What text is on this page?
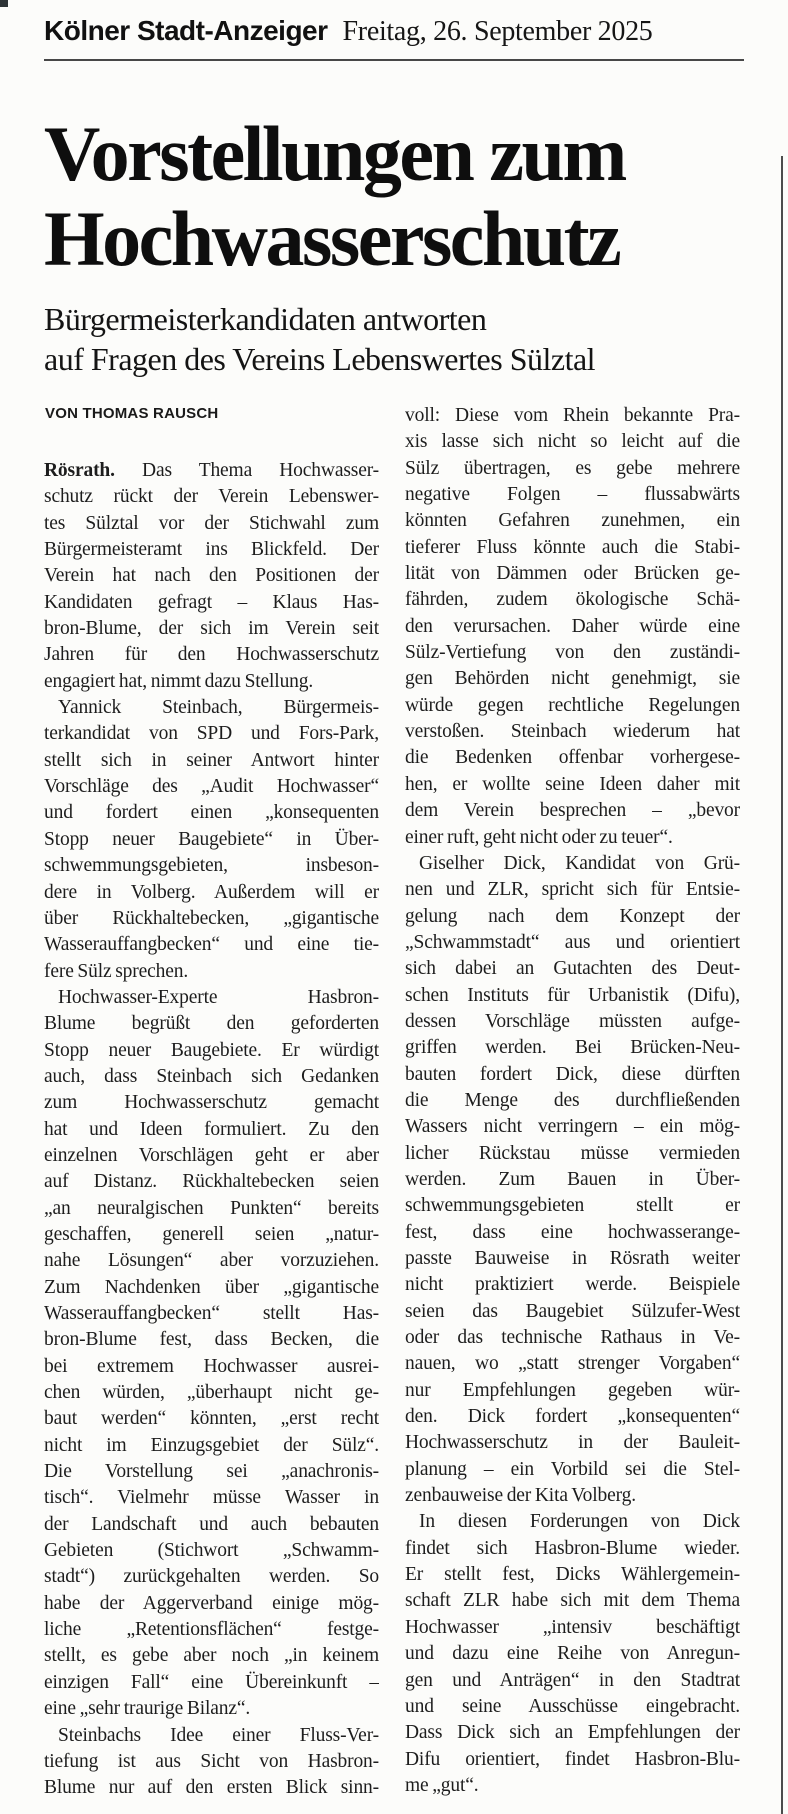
Kölner Stadt-Anzeiger Freitag, 26. September 2025
Vorstellungen zum
Hochwasserschutz
Bürgermeisterkandidaten antworten
auf Fragen des Vereins Lebenswertes Sülztal
VON THOMAS RAUSCH
Rösrath. Das Thema Hochwasser-
schutz rückt der Verein Lebenswer-
tes Sülztal vor der Stichwahl zum
Bürgermeisteramt ins Blickfeld. Der
Verein hat nach den Positionen der
Kandidaten gefragt – Klaus Has-
bron-Blume, der sich im Verein seit
Jahren für den Hochwasserschutz
engagiert hat, nimmt dazu Stellung.
Yannick Steinbach, Bürgermeis-
terkandidat von SPD und Fors-Park,
stellt sich in seiner Antwort hinter
Vorschläge des „Audit Hochwasser“
und fordert einen „konsequenten
Stopp neuer Baugebiete“ in Über-
schwemmungsgebieten, insbeson-
dere in Volberg. Außerdem will er
über Rückhaltebecken, „gigantische
Wasserauffangbecken“ und eine tie-
fere Sülz sprechen.
Hochwasser-Experte Hasbron-
Blume begrüßt den geforderten
Stopp neuer Baugebiete. Er würdigt
auch, dass Steinbach sich Gedanken
zum Hochwasserschutz gemacht
hat und Ideen formuliert. Zu den
einzelnen Vorschlägen geht er aber
auf Distanz. Rückhaltebecken seien
„an neuralgischen Punkten“ bereits
geschaffen, generell seien „natur-
nahe Lösungen“ aber vorzuziehen.
Zum Nachdenken über „gigantische
Wasserauffangbecken“ stellt Has-
bron-Blume fest, dass Becken, die
bei extremem Hochwasser ausrei-
chen würden, „überhaupt nicht ge-
baut werden“ könnten, „erst recht
nicht im Einzugsgebiet der Sülz“.
Die Vorstellung sei „anachronis-
tisch“. Vielmehr müsse Wasser in
der Landschaft und auch bebauten
Gebieten (Stichwort „Schwamm-
stadt“) zurückgehalten werden. So
habe der Aggerverband einige mög-
liche „Retentionsflächen“ festge-
stellt, es gebe aber noch „in keinem
einzigen Fall“ eine Übereinkunft –
eine „sehr traurige Bilanz“.
Steinbachs Idee einer Fluss-Ver-
tiefung ist aus Sicht von Hasbron-
Blume nur auf den ersten Blick sinn-
voll: Diese vom Rhein bekannte Pra-
xis lasse sich nicht so leicht auf die
Sülz übertragen, es gebe mehrere
negative Folgen – flussabwärts
könnten Gefahren zunehmen, ein
tieferer Fluss könnte auch die Stabi-
lität von Dämmen oder Brücken ge-
fährden, zudem ökologische Schä-
den verursachen. Daher würde eine
Sülz-Vertiefung von den zuständi-
gen Behörden nicht genehmigt, sie
würde gegen rechtliche Regelungen
verstoßen. Steinbach wiederum hat
die Bedenken offenbar vorhergese-
hen, er wollte seine Ideen daher mit
dem Verein besprechen – „bevor
einer ruft, geht nicht oder zu teuer“.
Giselher Dick, Kandidat von Grü-
nen und ZLR, spricht sich für Entsie-
gelung nach dem Konzept der
„Schwammstadt“ aus und orientiert
sich dabei an Gutachten des Deut-
schen Instituts für Urbanistik (Difu),
dessen Vorschläge müssten aufge-
griffen werden. Bei Brücken-Neu-
bauten fordert Dick, diese dürften
die Menge des durchfließenden
Wassers nicht verringern – ein mög-
licher Rückstau müsse vermieden
werden. Zum Bauen in Über-
schwemmungsgebieten stellt er
fest, dass eine hochwasserange-
passte Bauweise in Rösrath weiter
nicht praktiziert werde. Beispiele
seien das Baugebiet Sülzufer-West
oder das technische Rathaus in Ve-
nauen, wo „statt strenger Vorgaben“
nur Empfehlungen gegeben wür-
den. Dick fordert „konsequenten“
Hochwasserschutz in der Bauleit-
planung – ein Vorbild sei die Stel-
zenbauweise der Kita Volberg.
In diesen Forderungen von Dick
findet sich Hasbron-Blume wieder.
Er stellt fest, Dicks Wählergemein-
schaft ZLR habe sich mit dem Thema
Hochwasser „intensiv beschäftigt
und dazu eine Reihe von Anregun-
gen und Anträgen“ in den Stadtrat
und seine Ausschüsse eingebracht.
Dass Dick sich an Empfehlungen der
Difu orientiert, findet Hasbron-Blu-
me „gut“.
